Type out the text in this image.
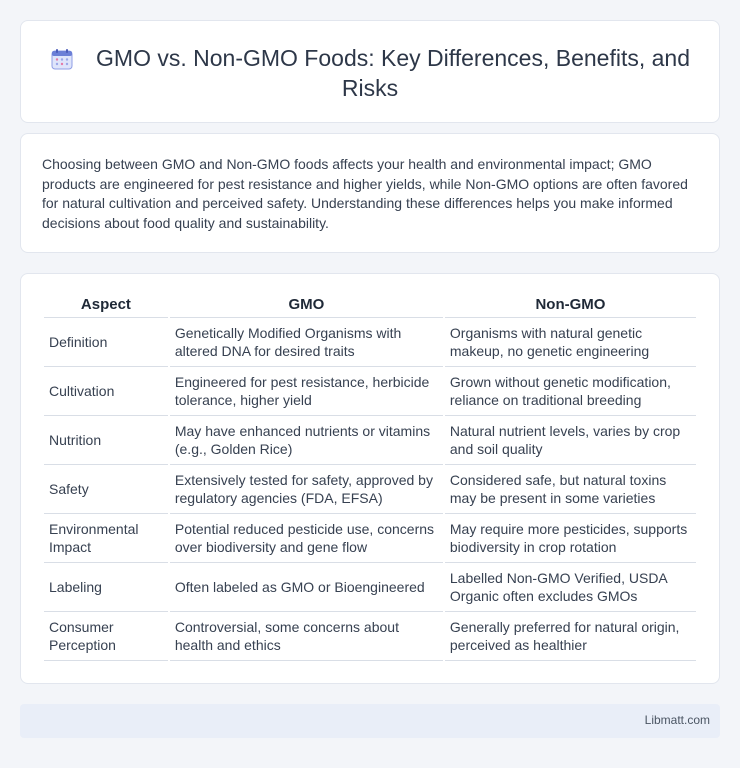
GMO vs. Non-GMO Foods: Key Differences, Benefits, and Risks

Choosing between GMO and Non-GMO foods affects your health and environmental impact; GMO products are engineered for pest resistance and higher yields, while Non-GMO options are often favored for natural cultivation and perceived safety. Understanding these differences helps you make informed decisions about food quality and sustainability.

Aspect	GMO	Non-GMO
Definition	Genetically Modified Organisms with altered DNA for desired traits	Organisms with natural genetic makeup, no genetic engineering
Cultivation	Engineered for pest resistance, herbicide tolerance, higher yield	Grown without genetic modification, reliance on traditional breeding
Nutrition	May have enhanced nutrients or vitamins (e.g., Golden Rice)	Natural nutrient levels, varies by crop and soil quality
Safety	Extensively tested for safety, approved by regulatory agencies (FDA, EFSA)	Considered safe, but natural toxins may be present in some varieties
Environmental Impact	Potential reduced pesticide use, concerns over biodiversity and gene flow	May require more pesticides, supports biodiversity in crop rotation
Labeling	Often labeled as GMO or Bioengineered	Labelled Non-GMO Verified, USDA Organic often excludes GMOs
Consumer Perception	Controversial, some concerns about health and ethics	Generally preferred for natural origin, perceived as healthier
Libmatt.com
